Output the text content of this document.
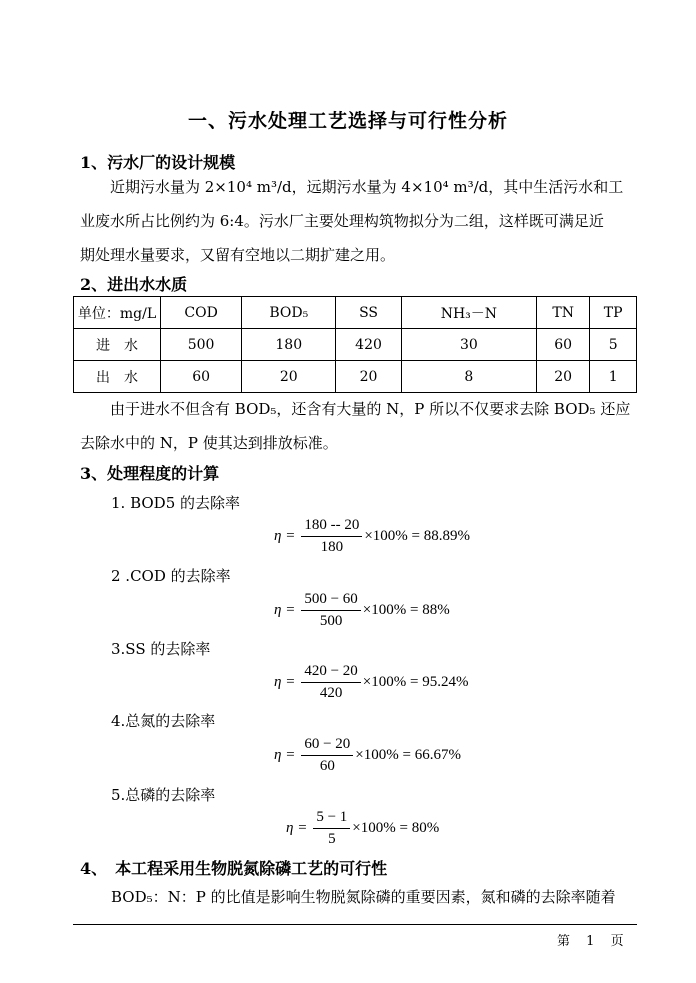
一、污水处理工艺选择与可行性分析
1、污水厂的设计规模
近期污水量为 2×10⁴ m³/d，远期污水量为 4×10⁴ m³/d，其中生活污水和工
业废水所占比例约为 6:4。污水厂主要处理构筑物拟分为二组，这样既可满足近
期处理水量要求，又留有空地以二期扩建之用。
2、进出水水质
单位：mg/L	COD	BOD₅	SS	NH₃－N	TN	TP
进　水	500	180	420	30	60	5
出　水	60	20	20	8	20	1
由于进水不但含有 BOD₅，还含有大量的 N，P 所以不仅要求去除 BOD₅ 还应
去除水中的 N，P 使其达到排放标准。
3、处理程度的计算
1. BOD5 的去除率
$\eta = \frac{180 -- 20}{180} \times 100\% = 88.89\%$
2 .COD 的去除率
$\eta = \frac{500 - 60}{500} \times 100\% = 88\%$
3.SS 的去除率
$\eta = \frac{420 - 20}{420} \times 100\% = 95.24\%$
4.总氮的去除率
$\eta = \frac{60 - 20}{60} \times 100\% = 66.67\%$
5.总磷的去除率
$\eta = \frac{5 - 1}{5} \times 100\% = 80\%$
4、　本工程采用生物脱氮除磷工艺的可行性
BOD₅：N：P 的比值是影响生物脱氮除磷的重要因素，氮和磷的去除率随着
第 1 页
